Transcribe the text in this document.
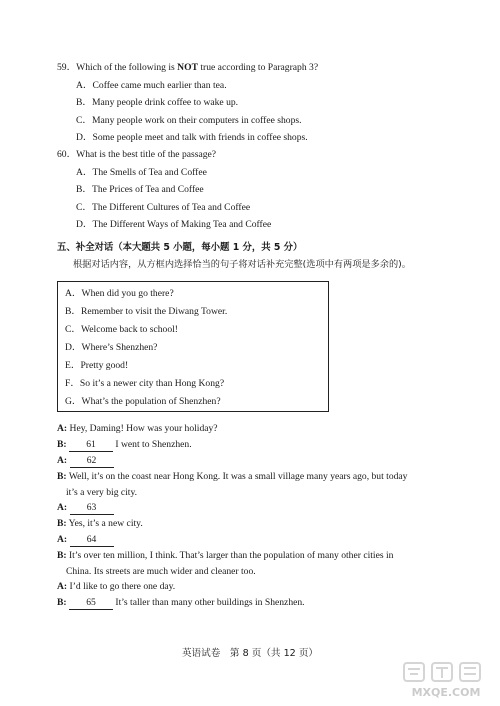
59．Which of the following is NOT true according to Paragraph 3?
A．Coffee came much earlier than tea.
B．Many people drink coffee to wake up.
C．Many people work on their computers in coffee shops.
D．Some people meet and talk with friends in coffee shops.
60．What is the best title of the passage?
A．The Smells of Tea and Coffee
B．The Prices of Tea and Coffee
C．The Different Cultures of Tea and Coffee
D．The Different Ways of Making Tea and Coffee
五、补全对话（本大题共 5 小题，每小题 1 分，共 5 分）
根据对话内容，从方框内选择恰当的句子将对话补充完整(选项中有两项是多余的)。
A．When did you go there?
B．Remember to visit the Diwang Tower.
C．Welcome back to school!
D．Where’s Shenzhen?
E．Pretty good!
F．So it’s a newer city than Hong Kong?
G．What’s the population of Shenzhen?
A: Hey, Daming! How was your holiday?
B: 61 I went to Shenzhen.
A: 62
B: Well, it’s on the coast near Hong Kong. It was a small village many years ago, but today
it’s a very big city.
A: 63
B: Yes, it’s a new city.
A: 64
B: It’s over ten million, I think. That’s larger than the population of many other cities in
China. Its streets are much wider and cleaner too.
A: I’d like to go there one day.
B: 65 It’s taller than many other buildings in Shenzhen.
英语试卷　第 8 页（共 12 页）
MXQE.COM
